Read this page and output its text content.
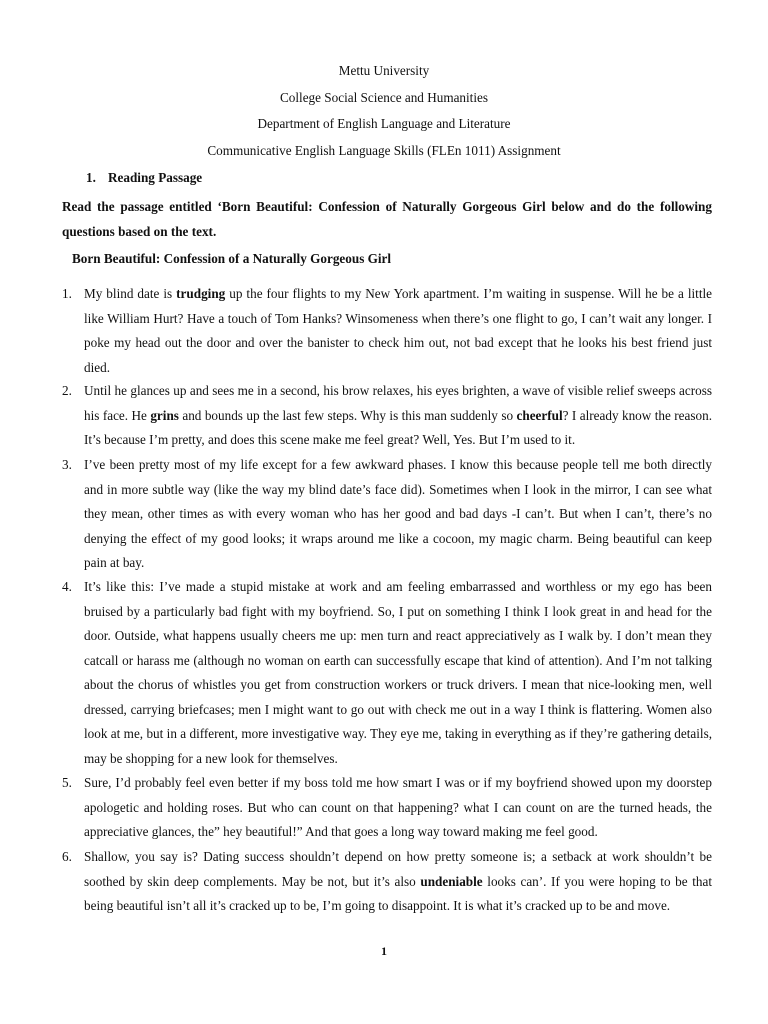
Mettu University
College Social Science and Humanities
Department of English Language and Literature
Communicative English Language Skills (FLEn 1011) Assignment
1. Reading Passage
Read the passage entitled ‘Born Beautiful: Confession of Naturally Gorgeous Girl below and do the following questions based on the text.
Born Beautiful: Confession of a Naturally Gorgeous Girl
1. My blind date is trudging up the four flights to my New York apartment. I’m waiting in suspense. Will he be a little like William Hurt? Have a touch of Tom Hanks? Winsomeness when there’s one flight to go, I can’t wait any longer. I poke my head out the door and over the banister to check him out, not bad except that he looks his best friend just died.
2. Until he glances up and sees me in a second, his brow relaxes, his eyes brighten, a wave of visible relief sweeps across his face. He grins and bounds up the last few steps. Why is this man suddenly so cheerful? I already know the reason. It’s because I’m pretty, and does this scene make me feel great? Well, Yes. But I’m used to it.
3. I’ve been pretty most of my life except for a few awkward phases. I know this because people tell me both directly and in more subtle way (like the way my blind date’s face did). Sometimes when I look in the mirror, I can see what they mean, other times as with every woman who has her good and bad days -I can’t. But when I can’t, there’s no denying the effect of my good looks; it wraps around me like a cocoon, my magic charm. Being beautiful can keep pain at bay.
4. It’s like this: I’ve made a stupid mistake at work and am feeling embarrassed and worthless or my ego has been bruised by a particularly bad fight with my boyfriend. So, I put on something I think I look great in and head for the door. Outside, what happens usually cheers me up: men turn and react appreciatively as I walk by. I don’t mean they catcall or harass me (although no woman on earth can successfully escape that kind of attention). And I’m not talking about the chorus of whistles you get from construction workers or truck drivers. I mean that nice-looking men, well dressed, carrying briefcases; men I might want to go out with check me out in a way I think is flattering. Women also look at me, but in a different, more investigative way. They eye me, taking in everything as if they’re gathering details, may be shopping for a new look for themselves.
5. Sure, I’d probably feel even better if my boss told me how smart I was or if my boyfriend showed upon my doorstep apologetic and holding roses. But who can count on that happening? what I can count on are the turned heads, the appreciative glances, the” hey beautiful!” And that goes a long way toward making me feel good.
6. Shallow, you say is? Dating success shouldn’t depend on how pretty someone is; a setback at work shouldn’t be soothed by skin deep complements. May be not, but it’s also undeniable looks can’. If you were hoping to be that being beautiful isn’t all it’s cracked up to be, I’m going to disappoint. It is what it’s cracked up to be and move.
1
